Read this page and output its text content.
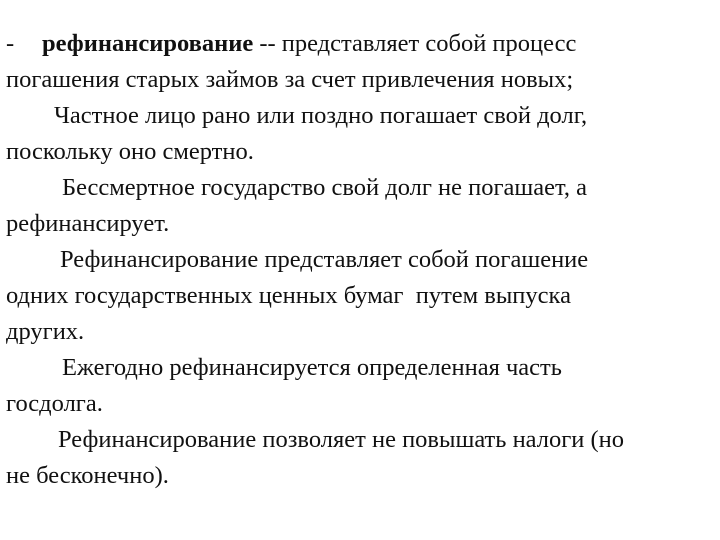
- рефинансирование -- представляет собой процесс
погашения старых займов за счет привлечения новых;
Частное лицо рано или поздно погашает свой долг,
поскольку оно смертно.
Бессмертное государство свой долг не погашает, а
рефинансирует.
Рефинансирование представляет собой погашение
одних государственных ценных бумаг  путем выпуска
других.
Ежегодно рефинансируется определенная часть
госдолга.
Рефинансирование позволяет не повышать налоги (но
не бесконечно).
